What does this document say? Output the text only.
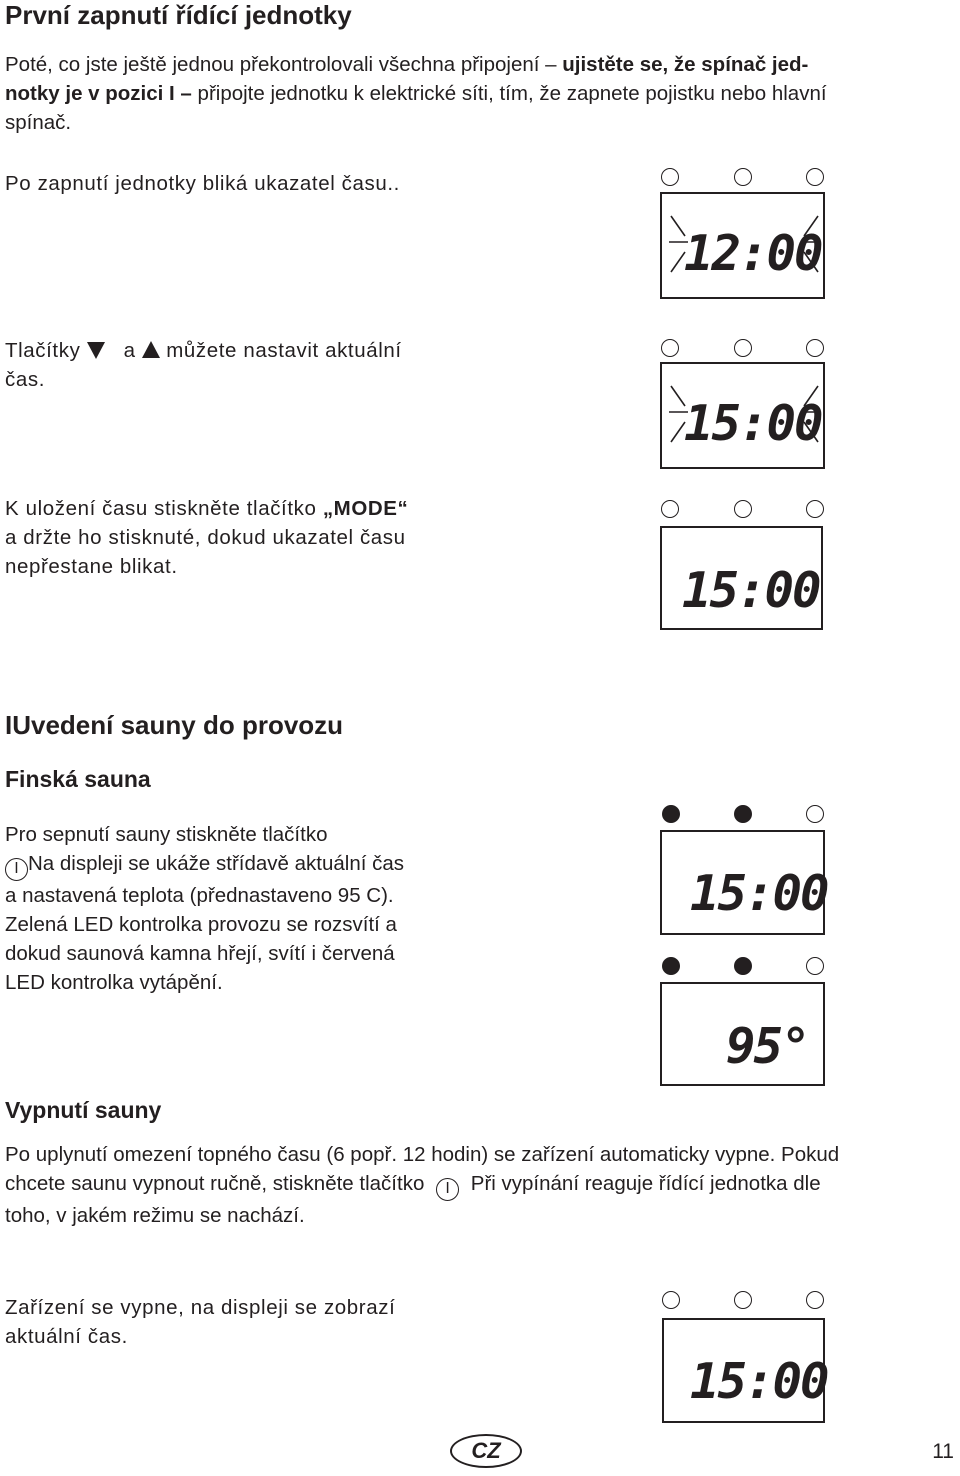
První zapnutí řídící jednotky
Poté, co jste ještě jednou překontrolovali všechna připojení – ujistěte se, že spínač jed-
notky je v pozici I – připojte jednotku k elektrické síti, tím, že zapnete pojistku nebo hlavní
spínač.
Po zapnutí jednotky bliká ukazatel času..
Tlačítky a můžete nastavit aktuální
čas.
K uložení času stiskněte tlačítko „MODE“
a držte ho stisknuté, dokud ukazatel času
nepřestane blikat.
12:00
15:00
15:00
IUvedení sauny do provozu
Finská sauna
Pro sepnutí sauny stiskněte tlačítko
I Na displeji se ukáže střídavě aktuální čas
a nastavená teplota (přednastaveno 95 C).
Zelená LED kontrolka provozu se rozsvítí a
dokud saunová kamna hřejí, svítí i červená
LED kontrolka vytápění.
15:00
95°
Vypnutí sauny
Po uplynutí omezení topného času (6 popř. 12 hodin) se zařízení automaticky vypne. Pokud
chcete saunu vypnout ručně, stiskněte tlačítko I Při vypínání reaguje řídící jednotka dle
toho, v jakém režimu se nachází.
Zařízení se vypne, na displeji se zobrazí
aktuální čas.
15:00
CZ	11
